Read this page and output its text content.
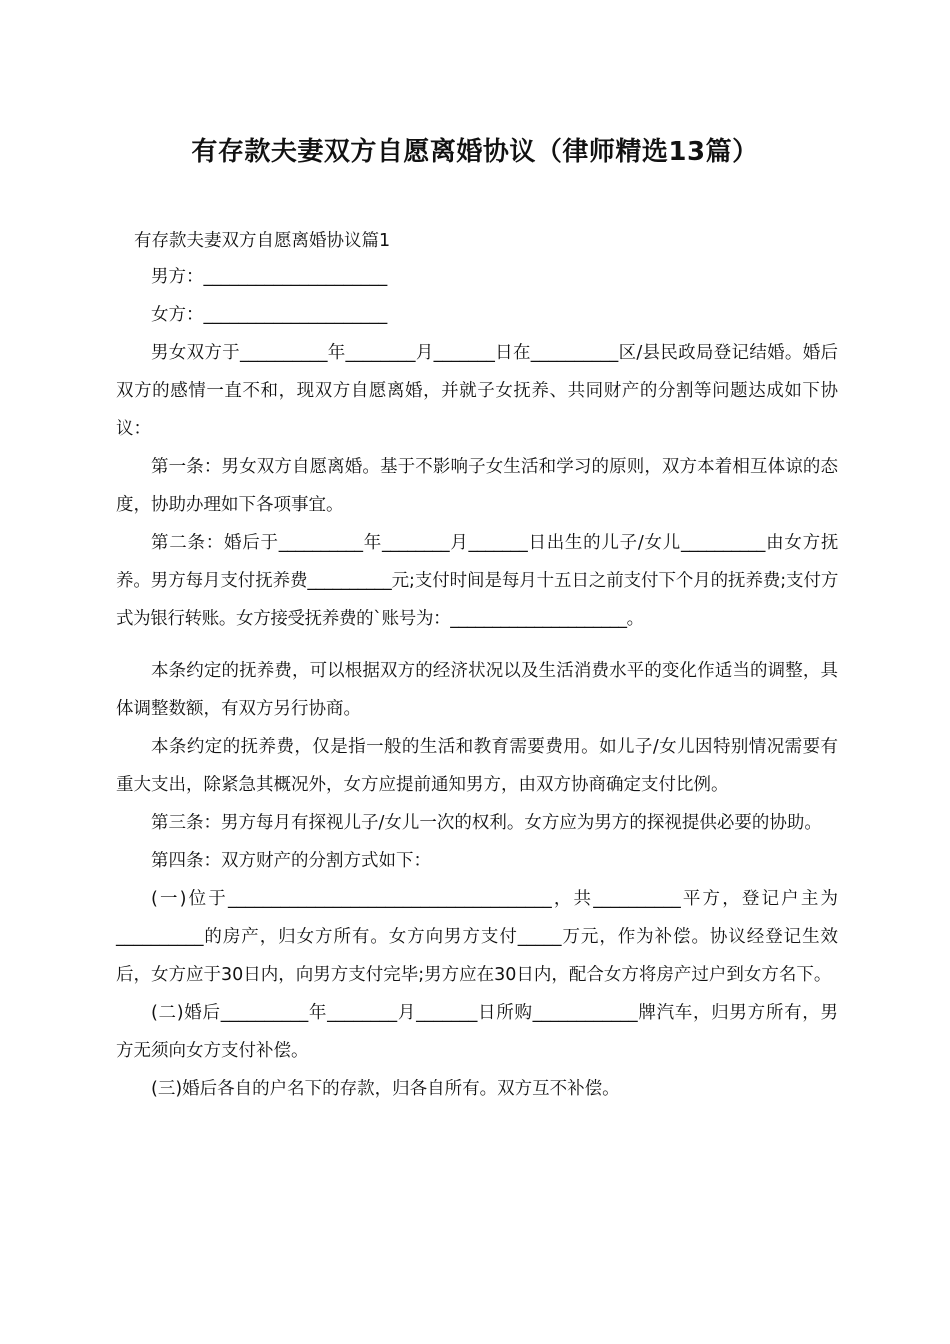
有存款夫妻双方自愿离婚协议（律师精选13篇）
有存款夫妻双方自愿离婚协议篇1
男方：_____________________
女方：_____________________

男女双方于__________年________月_______日在__________区/县民政局登记结婚。婚后双方的感情一直不和，现双方自愿离婚，并就子女抚养、共同财产的分割等问题达成如下协议：

第一条：男女双方自愿离婚。基于不影响子女生活和学习的原则，双方本着相互体谅的态度，协助办理如下各项事宜。

第二条：婚后于__________年________月_______日出生的儿子/女儿__________由女方抚养。男方每月支付抚养费__________元;支付时间是每月十五日之前支付下个月的抚养费;支付方式为银行转账。女方接受抚养费的`账号为：_____________________。

本条约定的抚养费，可以根据双方的经济状况以及生活消费水平的变化作适当的调整，具体调整数额，有双方另行协商。

本条约定的抚养费，仅是指一般的生活和教育需要费用。如儿子/女儿因特别情况需要有重大支出，除紧急其概况外，女方应提前通知男方，由双方协商确定支付比例。

第三条：男方每月有探视儿子/女儿一次的权利。女方应为男方的探视提供必要的协助。

第四条：双方财产的分割方式如下：

(一)位于_____________________________________，共__________平方，登记户主为__________的房产，归女方所有。女方向男方支付_____万元，作为补偿。协议经登记生效后，女方应于30日内，向男方支付完毕;男方应在30日内，配合女方将房产过户到女方名下。

(二)婚后__________年________月_______日所购____________牌汽车，归男方所有，男方无须向女方支付补偿。

(三)婚后各自的户名下的存款，归各自所有。双方互不补偿。
